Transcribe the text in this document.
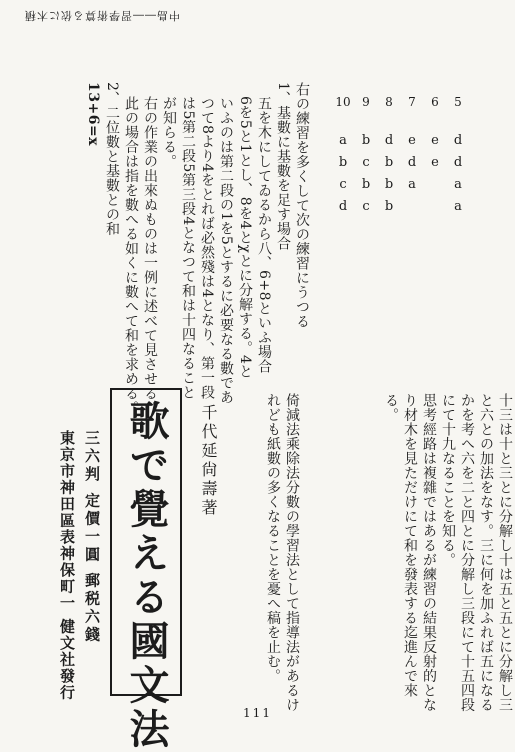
中島――習學術算る依に木積
十三は十と三とに分解し十は五と五とに分解し三
と六との加法をなす。三に何を加ふれば五になる
かを考へ六を二と四とに分解し三段にて十五四段
にて十九なることを知る。
思考經路は複雜ではあるが練習の結果反射的とな
り材木を見ただけにて和を發表する迄進んで來
る。
倚減法乘除法分數の學習法として指導法があるけ
れども紙數の多くなることを憂へ稿を止む。
5
d
d
a
a
6
e
e
7
e
d
a
8
d
b
b
b
9
b
c
b
c
10
a
b
c
d
右の練習を多くして次の練習にうつる
1、基數に基數を足す場合
五を木にしてゐるから八、6+8といふ場合
6を5と1とし、8を4とχとに分解する。4と
いふのは第二段の1を5とするに必要なる數であ
つて8より4をとれば必然殘は4となり、第一段
は5第二段5第三段4となつて和は十四なること
が知らる。
右の作業の出來ぬものは一例に述べて見させる。
此の場合は指を數へる如くに數へて和を求める。
2、二位數と基數との和
13+6=x
千代延尙壽著
歌で覺える國文法
三六判 定價一圓 郵税六錢
東京市神田區表神保町一 健文社發行
111
